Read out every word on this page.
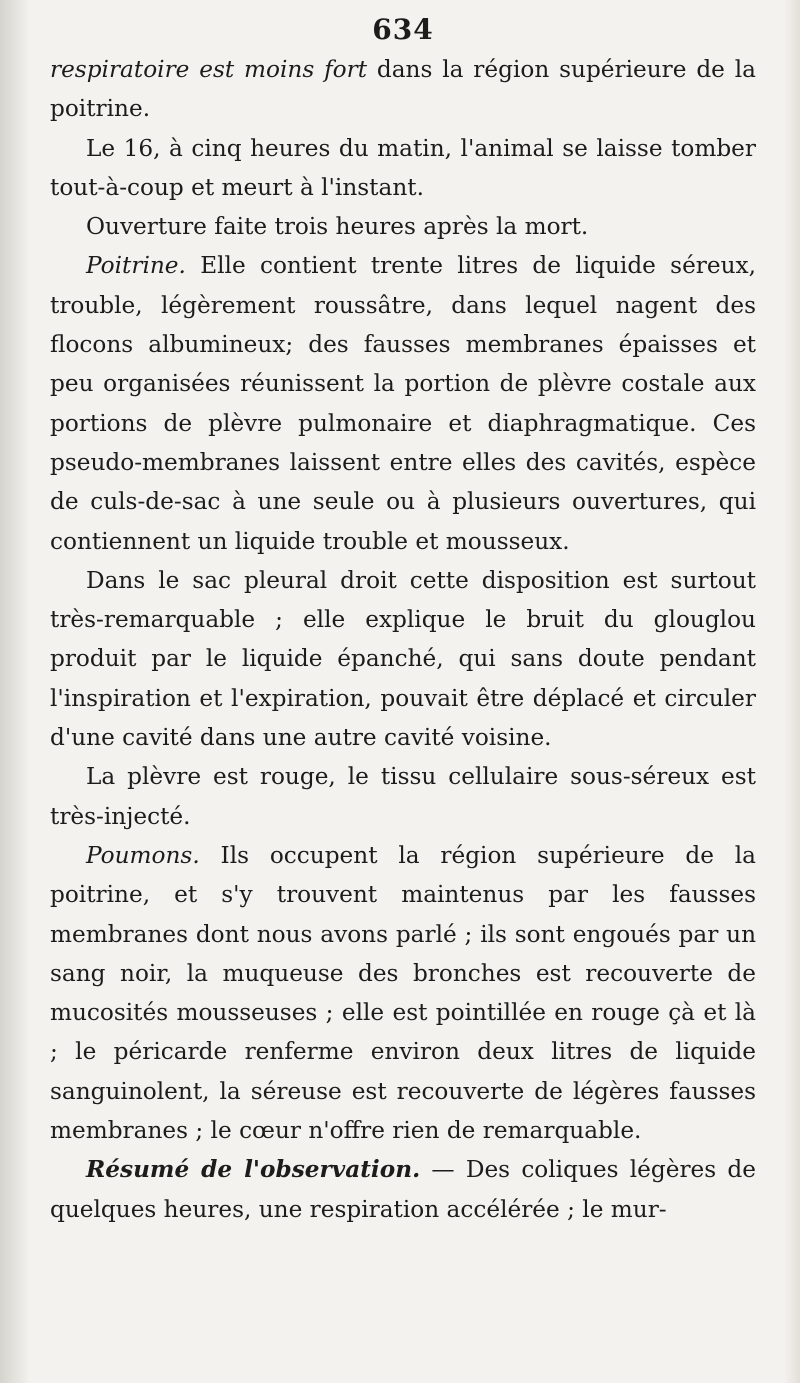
634

respiratoire est moins fort dans la région supérieure de la poitrine.

Le 16, à cinq heures du matin, l'animal se laisse tomber tout-à-coup et meurt à l'instant.

Ouverture faite trois heures après la mort.

Poitrine. Elle contient trente litres de liquide séreux, trouble, légèrement roussâtre, dans lequel nagent des flocons albumineux; des fausses membranes épaisses et peu organisées réunissent la portion de plèvre costale aux portions de plèvre pulmonaire et diaphragmatique. Ces pseudo-membranes laissent entre elles des cavités, espèce de culs-de-sac à une seule ou à plusieurs ouvertures, qui contiennent un liquide trouble et mousseux.

Dans le sac pleural droit cette disposition est surtout très-remarquable ; elle explique le bruit du glouglou produit par le liquide épanché, qui sans doute pendant l'inspiration et l'expiration, pouvait être déplacé et circuler d'une cavité dans une autre cavité voisine.

La plèvre est rouge, le tissu cellulaire sous-séreux est très-injecté.

Poumons. Ils occupent la région supérieure de la poitrine, et s'y trouvent maintenus par les fausses membranes dont nous avons parlé ; ils sont engoués par un sang noir, la muqueuse des bronches est recouverte de mucosités mousseuses ; elle est pointillée en rouge çà et là ; le péricarde renferme environ deux litres de liquide sanguinolent, la séreuse est recouverte de légères fausses membranes ; le cœur n'offre rien de remarquable.

Résumé de l'observation. — Des coliques légères de quelques heures, une respiration accélérée ; le mur-
